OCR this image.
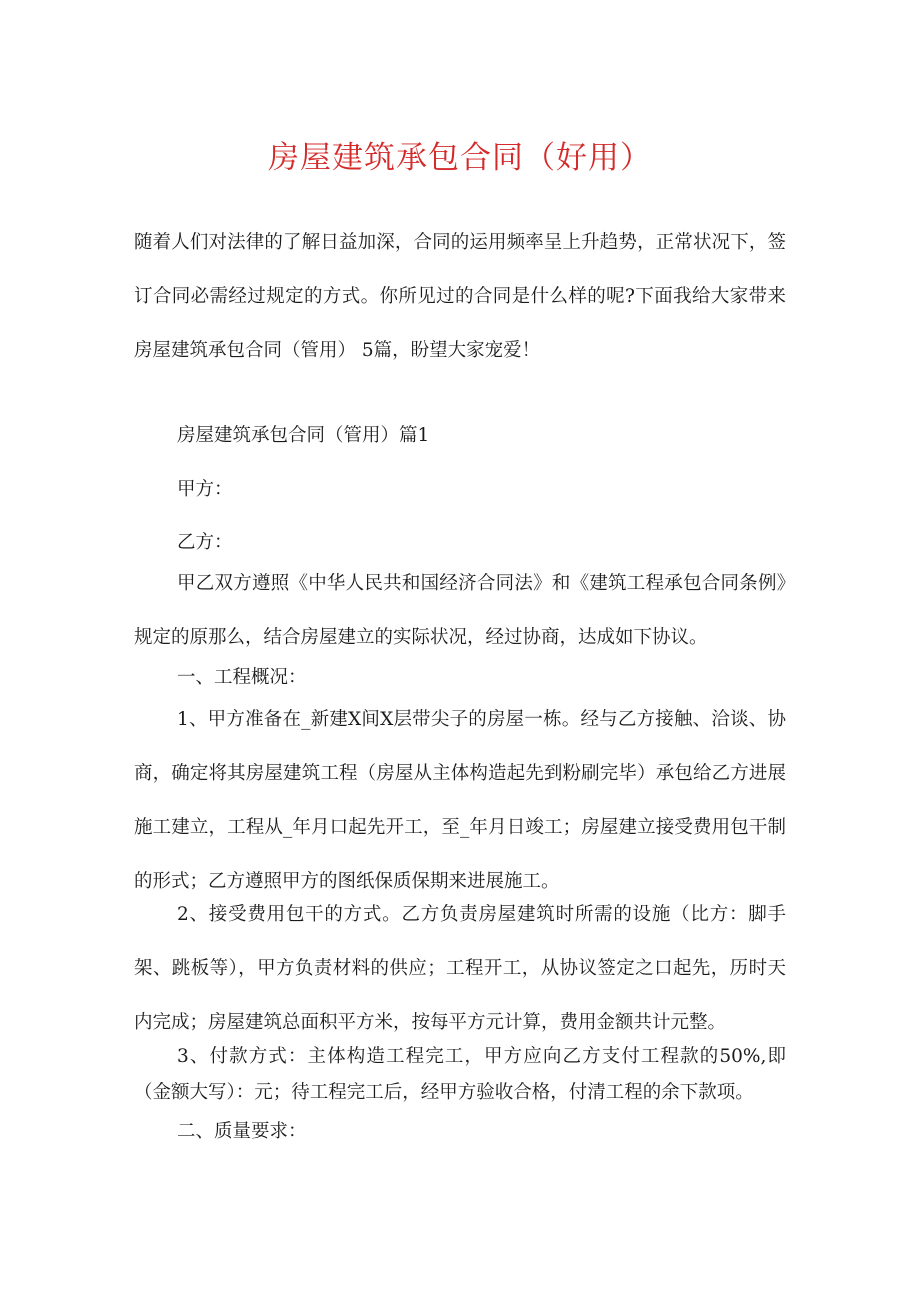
房屋建筑承包合同（好用）

随着人们对法律的了解日益加深，合同的运用频率呈上升趋势，正常状况下，签订合同必需经过规定的方式。你所见过的合同是什么样的呢?下面我给大家带来房屋建筑承包合同（管用） 5篇，盼望大家宠爱！

房屋建筑承包合同（管用）篇1

甲方：

乙方：

甲乙双方遵照《中华人民共和国经济合同法》和《建筑工程承包合同条例》规定的原那么，结合房屋建立的实际状况，经过协商，达成如下协议。

一、工程概况：

1、甲方准备在_新建X间X层带尖子的房屋一栋。经与乙方接触、洽谈、协商，确定将其房屋建筑工程（房屋从主体构造起先到粉刷完毕）承包给乙方进展施工建立，工程从_年月口起先开工，至_年月日竣工；房屋建立接受费用包干制的形式；乙方遵照甲方的图纸保质保期来进展施工。

2、接受费用包干的方式。乙方负责房屋建筑时所需的设施（比方：脚手架、跳板等），甲方负责材料的供应；工程开工，从协议签定之口起先，历时天内完成；房屋建筑总面积平方米，按每平方元计算，费用金额共计元整。

3、付款方式：主体构造工程完工，甲方应向乙方支付工程款的50%,即（金额大写）：元；待工程完工后，经甲方验收合格，付清工程的余下款项。

二、质量要求：
